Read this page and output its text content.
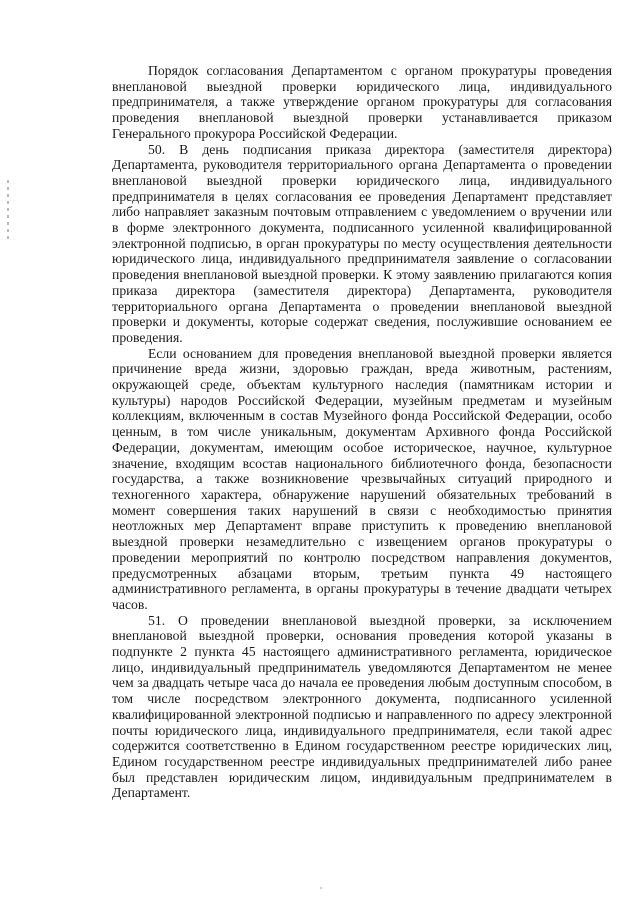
Порядок согласования Департаментом с органом прокуратуры проведения внеплановой выездной проверки юридического лица, индивидуального предпринимателя, а также утверждение органом прокуратуры для согласования проведения внеплановой выездной проверки устанавливается приказом Генерального прокурора Российской Федерации.

50. В день подписания приказа директора (заместителя директора) Департамента, руководителя территориального органа Департамента о проведении внеплановой выездной проверки юридического лица, индивидуального предпринимателя в целях согласования ее проведения Департамент представляет либо направляет заказным почтовым отправлением с уведомлением о вручении или в форме электронного документа, подписанного усиленной квалифицированной электронной подписью, в орган прокуратуры по месту осуществления деятельности юридического лица, индивидуального предпринимателя заявление о согласовании проведения внеплановой выездной проверки. К этому заявлению прилагаются копия приказа директора (заместителя директора) Департамента, руководителя территориального органа Департамента о проведении внеплановой выездной проверки и документы, которые содержат сведения, послужившие основанием ее проведения.

Если основанием для проведения внеплановой выездной проверки является причинение вреда жизни, здоровью граждан, вреда животным, растениям, окружающей среде, объектам культурного наследия (памятникам истории и культуры) народов Российской Федерации, музейным предметам и музейным коллекциям, включенным в состав Музейного фонда Российской Федерации, особо ценным, в том числе уникальным, документам Архивного фонда Российской Федерации, документам, имеющим особое историческое, научное, культурное значение, входящим всостав национального библиотечного фонда, безопасности государства, а также возникновение чрезвычайных ситуаций природного и техногенного характера, обнаружение нарушений обязательных требований в момент совершения таких нарушений в связи с необходимостью принятия неотложных мер Департамент вправе приступить к проведению внеплановой выездной проверки незамедлительно с извещением органов прокуратуры о проведении мероприятий по контролю посредством направления документов, предусмотренных абзацами вторым, третьим пункта 49 настоящего административного регламента, в органы прокуратуры в течение двадцати четырех часов.

51. О проведении внеплановой выездной проверки, за исключением внеплановой выездной проверки, основания проведения которой указаны в подпункте 2 пункта 45 настоящего административного регламента, юридическое лицо, индивидуальный предприниматель уведомляются Департаментом не менее чем за двадцать четыре часа до начала ее проведения любым доступным способом, в том числе посредством электронного документа, подписанного усиленной квалифицированной электронной подписью и направленного по адресу электронной почты юридического лица, индивидуального предпринимателя, если такой адрес содержится соответственно в Едином государственном реестре юридических лиц, Едином государственном реестре индивидуальных предпринимателей либо ранее был представлен юридическим лицом, индивидуальным предпринимателем в Департамент.
